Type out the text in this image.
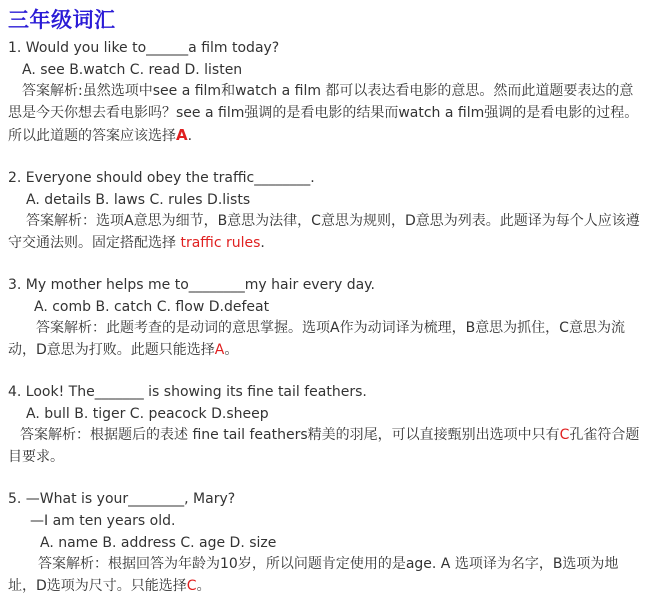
三年级词汇
1. Would you like to______a film today?
A. see B.watch C. read D. listen
答案解析:虽然选项中see a film和watch a film 都可以表达看电影的意思。然而此道题要表达的意思是今天你想去看电影吗？see a film强调的是看电影的结果而watch a film强调的是看电影的过程。所以此道题的答案应该选择A.
2. Everyone should obey the traffic________.
A. details B. laws C. rules D.lists
答案解析：选项A意思为细节，B意思为法律，C意思为规则，D意思为列表。此题译为每个人应该遵守交通法则。固定搭配选择 traffic rules.
3. My mother helps me to________my hair every day.
A. comb B. catch C. flow D.defeat
答案解析：此题考查的是动词的意思掌握。选项A作为动词译为梳理，B意思为抓住，C意思为流动，D意思为打败。此题只能选择A。
4. Look! The_______ is showing its fine tail feathers.
A. bull B. tiger C. peacock D.sheep
答案解析：根据题后的表述 fine tail feathers精美的羽尾，可以直接甄别出选项中只有C孔雀符合题目要求。
5. —What is your________, Mary?
—I am ten years old.
A. name B. address C. age D. size
答案解析：根据回答为年龄为10岁，所以问题肯定使用的是age. A 选项译为名字，B选项为地址，D选项为尺寸。只能选择C。
